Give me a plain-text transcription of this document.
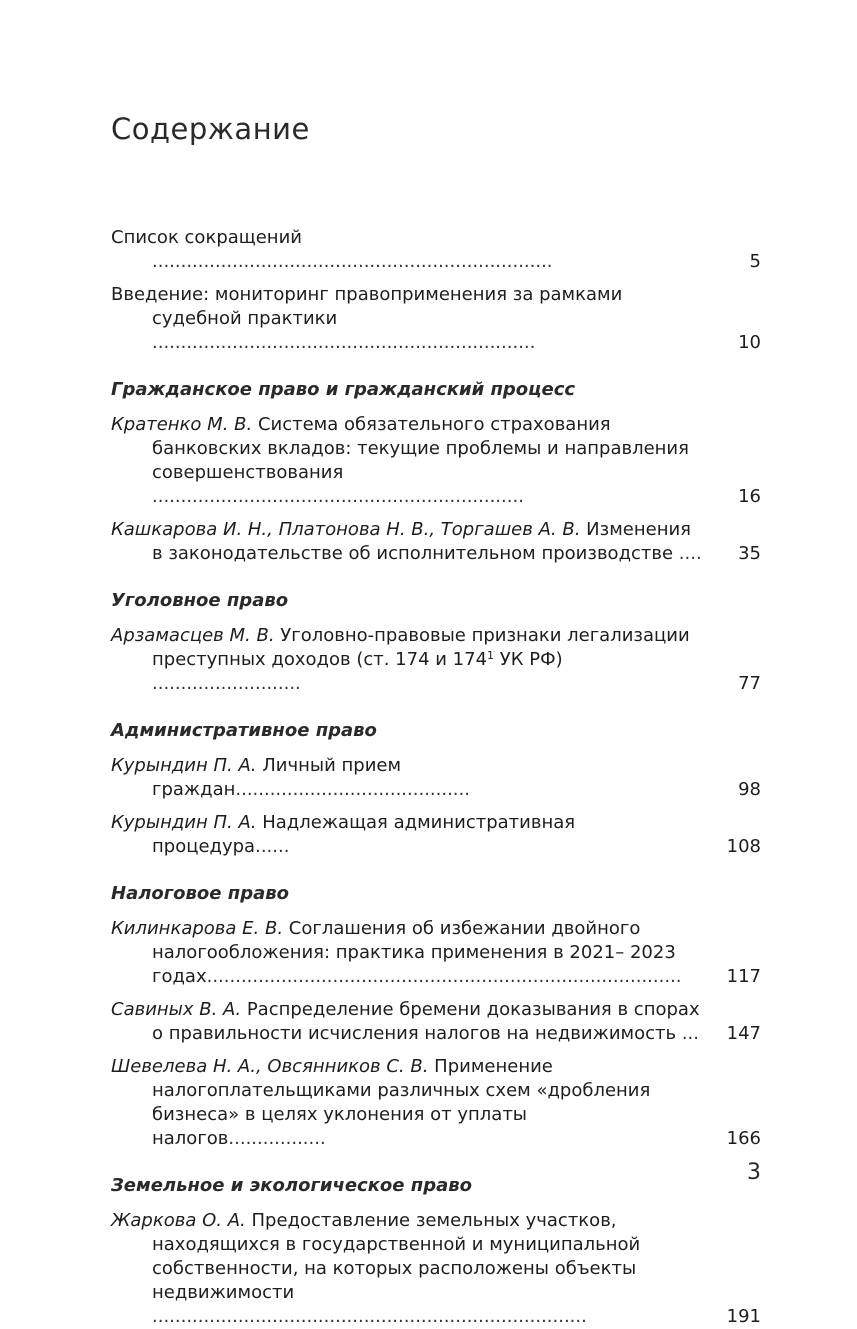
Содержание
Список сокращений ......................................................................	5
Введение: мониторинг правоприменения за рамками судебной практики ...................................................................	10
Гражданское право и гражданский процесс
Кратенко М. В. Система обязательного страхования банковских вкладов: текущие проблемы и направления совершенствования .................................................................	16
Кашкарова И. Н., Платонова Н. В., Торгашев А. В. Изменения в законодательстве об исполнительном производстве .... 35
Уголовное право
Арзамасцев М. В. Уголовно-правовые признаки легализации преступных доходов (ст. 174 и $174^1$ УК РФ) ..........................	77
Административное право
Курындин П. А. Личный прием граждан.........................................	98
Курындин П. А. Надлежащая административная процедура......	108
Налоговое право
Килинкарова Е. В. Соглашения об избежании двойного налогообложения: практика применения в 2021– 2023 годах...................................................................................	117
Савиных В. А. Распределение бремени доказывания в спорах о правильности исчисления налогов на недвижимость ...	147
Шевелева Н. А., Овсянников С. В. Применение налогоплательщиками различных схем «дробления бизнеса» в целях уклонения от уплаты налогов.................	166
Земельное и экологическое право
Жаркова О. А. Предоставление земельных участков, находящихся в государственной и муниципальной собственности, на которых расположены объекты недвижимости ............................................................................	191
3
